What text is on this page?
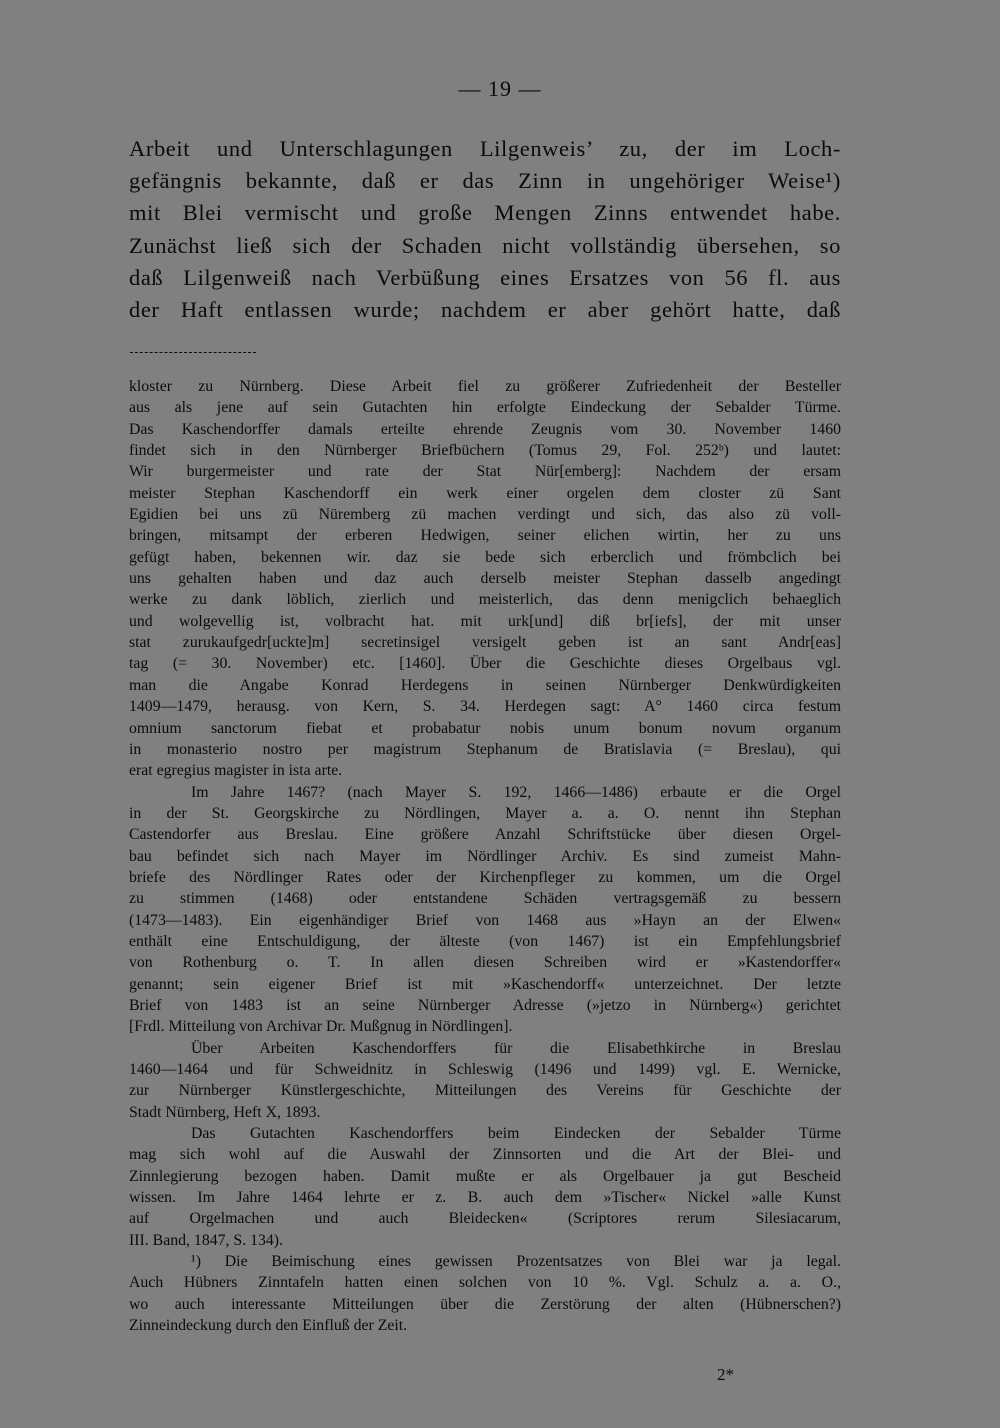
— 19 —
Arbeit und Unterschlagungen Lilgenweis’ zu, der im Loch-
gefängnis bekannte, daß er das Zinn in ungehöriger Weise¹)
mit Blei vermischt und große Mengen Zinns entwendet habe.
Zunächst ließ sich der Schaden nicht vollständig übersehen, so
daß Lilgenweiß nach Verbüßung eines Ersatzes von 56 fl. aus
der Haft entlassen wurde; nachdem er aber gehört hatte, daß
kloster zu Nürnberg. Diese Arbeit fiel zu größerer Zufriedenheit der Besteller
aus als jene auf sein Gutachten hin erfolgte Eindeckung der Sebalder Türme.
Das Kaschendorffer damals erteilte ehrende Zeugnis vom 30. November 1460
findet sich in den Nürnberger Briefbüchern (Tomus 29, Fol. 252ᵇ) und lautet:
Wir burgermeister und rate der Stat Nür[emberg]: Nachdem der ersam
meister Stephan Kaschendorff ein werk einer orgelen dem closter zü Sant
Egidien bei uns zü Nüremberg zü machen verdingt und sich, das also zü voll-
bringen, mitsampt der erberen Hedwigen, seiner elichen wirtin, her zu uns
gefügt haben, bekennen wir. daz sie bede sich erberclich und frömbclich bei
uns gehalten haben und daz auch derselb meister Stephan dasselb angedingt
werke zu dank löblich, zierlich und meisterlich, das denn menigclich behaeglich
und wolgevellig ist, volbracht hat. mit urk[und] diß br[iefs], der mit unser
stat zurukaufgedr[uckte]m] secretinsigel versigelt geben ist an sant Andr[eas]
tag (= 30. November) etc. [1460]. Über die Geschichte dieses Orgelbaus vgl.
man die Angabe Konrad Herdegens in seinen Nürnberger Denkwürdigkeiten
1409—1479, herausg. von Kern, S. 34. Herdegen sagt: A° 1460 circa festum
omnium sanctorum fiebat et probabatur nobis unum bonum novum organum
in monasterio nostro per magistrum Stephanum de Bratislavia (= Breslau), qui
erat egregius magister in ista arte.
Im Jahre 1467? (nach Mayer S. 192, 1466—1486) erbaute er die Orgel
in der St. Georgskirche zu Nördlingen, Mayer a. a. O. nennt ihn Stephan
Castendorfer aus Breslau. Eine größere Anzahl Schriftstücke über diesen Orgel-
bau befindet sich nach Mayer im Nördlinger Archiv. Es sind zumeist Mahn-
briefe des Nördlinger Rates oder der Kirchenpfleger zu kommen, um die Orgel
zu stimmen (1468) oder entstandene Schäden vertragsgemäß zu bessern
(1473—1483). Ein eigenhändiger Brief von 1468 aus »Hayn an der Elwen«
enthält eine Entschuldigung, der älteste (von 1467) ist ein Empfehlungsbrief
von Rothenburg o. T. In allen diesen Schreiben wird er »Kastendorffer«
genannt; sein eigener Brief ist mit »Kaschendorff« unterzeichnet. Der letzte
Brief von 1483 ist an seine Nürnberger Adresse (»jetzo in Nürnberg«) gerichtet
[Frdl. Mitteilung von Archivar Dr. Mußgnug in Nördlingen].
Über Arbeiten Kaschendorffers für die Elisabethkirche in Breslau
1460—1464 und für Schweidnitz in Schleswig (1496 und 1499) vgl. E. Wernicke,
zur Nürnberger Künstlergeschichte, Mitteilungen des Vereins für Geschichte der
Stadt Nürnberg, Heft X, 1893.
Das Gutachten Kaschendorffers beim Eindecken der Sebalder Türme
mag sich wohl auf die Auswahl der Zinnsorten und die Art der Blei- und
Zinnlegierung bezogen haben. Damit mußte er als Orgelbauer ja gut Bescheid
wissen. Im Jahre 1464 lehrte er z. B. auch dem »Tischer« Nickel »alle Kunst
auf Orgelmachen und auch Bleidecken« (Scriptores rerum Silesiacarum,
III. Band, 1847, S. 134).
¹) Die Beimischung eines gewissen Prozentsatzes von Blei war ja legal.
Auch Hübners Zinntafeln hatten einen solchen von 10 %. Vgl. Schulz a. a. O.,
wo auch interessante Mitteilungen über die Zerstörung der alten (Hübnerschen?)
Zinneindeckung durch den Einfluß der Zeit.
2*
